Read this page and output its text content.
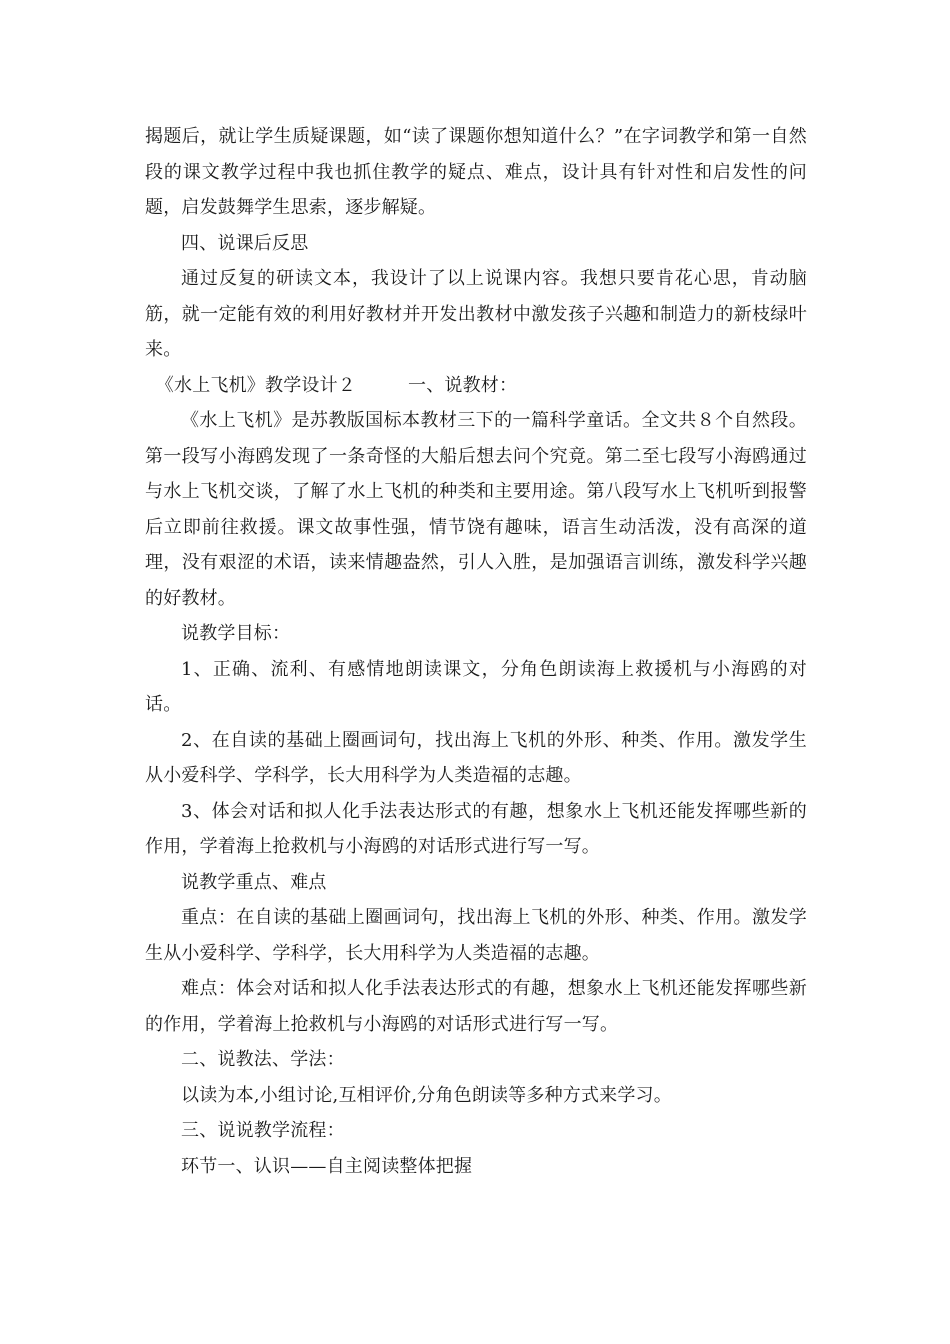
揭题后，就让学生质疑课题，如“读了课题你想知道什么？”在字词教学和第一自然段的课文教学过程中我也抓住教学的疑点、难点，设计具有针对性和启发性的问题，启发鼓舞学生思索，逐步解疑。

四、说课后反思

通过反复的研读文本，我设计了以上说课内容。我想只要肯花心思，肯动脑筋，就一定能有效的利用好教材并开发出教材中激发孩子兴趣和制造力的新枝绿叶来。

《水上飞机》教学设计２	一、说教材：

《水上飞机》是苏教版国标本教材三下的一篇科学童话。全文共８个自然段。第一段写小海鸥发现了一条奇怪的大船后想去问个究竟。第二至七段写小海鸥通过与水上飞机交谈，了解了水上飞机的种类和主要用途。第八段写水上飞机听到报警后立即前往救援。课文故事性强，情节饶有趣味，语言生动活泼，没有高深的道理，没有艰涩的术语，读来情趣盎然，引人入胜，是加强语言训练，激发科学兴趣的好教材。

说教学目标：

1、正确、流利、有感情地朗读课文，分角色朗读海上救援机与小海鸥的对话。

2、在自读的基础上圈画词句，找出海上飞机的外形、种类、作用。激发学生从小爱科学、学科学，长大用科学为人类造福的志趣。

3、体会对话和拟人化手法表达形式的有趣，想象水上飞机还能发挥哪些新的作用，学着海上抢救机与小海鸥的对话形式进行写一写。

说教学重点、难点

重点：在自读的基础上圈画词句，找出海上飞机的外形、种类、作用。激发学生从小爱科学、学科学，长大用科学为人类造福的志趣。

难点：体会对话和拟人化手法表达形式的有趣，想象水上飞机还能发挥哪些新的作用，学着海上抢救机与小海鸥的对话形式进行写一写。

二、说教法、学法：

以读为本,小组讨论,互相评价,分角色朗读等多种方式来学习。

三、说说教学流程：

环节一、认识——自主阅读整体把握
